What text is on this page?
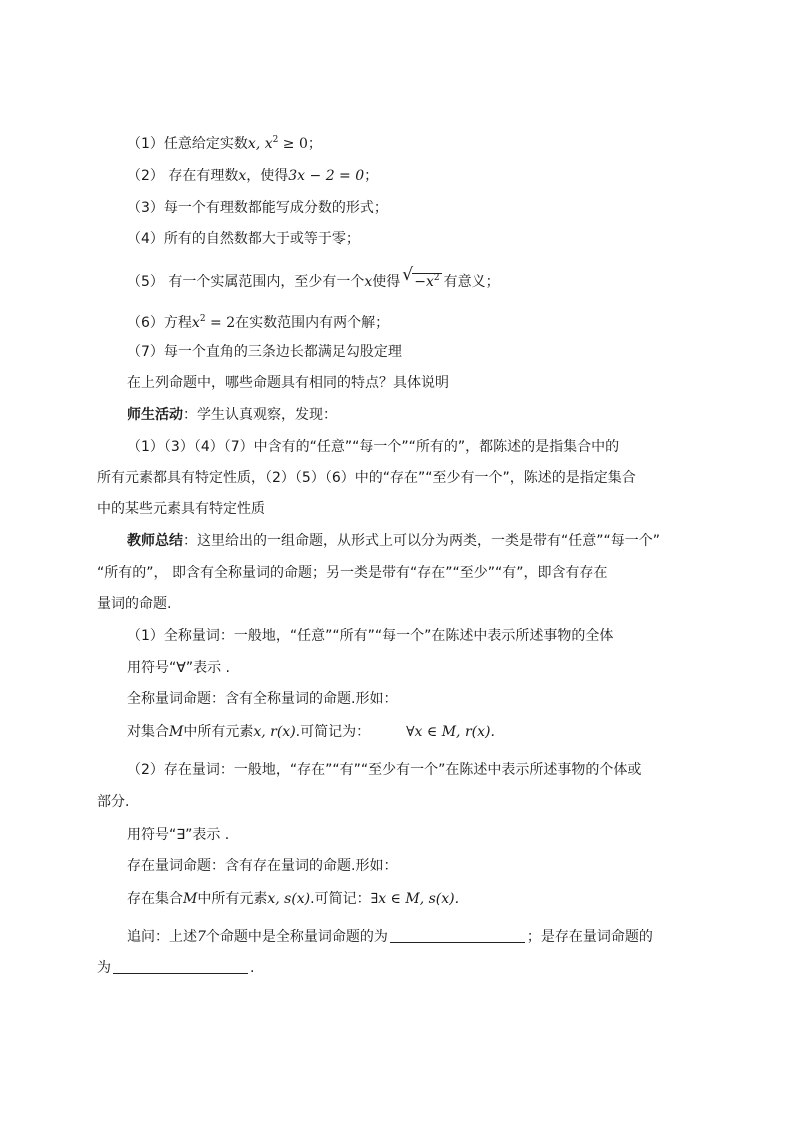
（1）任意给定实数x, $x^2 \ge 0$；
（2） 存在有理数x，使得3x − 2 = 0；
（3）每一个有理数都能写成分数的形式；
（4）所有的自然数都大于或等于零；
（5） 有一个实属范围内，至少有一个x使得 √ $-x^2$ 有意义；
（6）方程$x^2 = 2$在实数范围内有两个解；
（7）每一个直角的三条边长都满足勾股定理
在上列命题中，哪些命题具有相同的特点？具体说明
师生活动：学生认真观察，发现：
（1）（3）（4）（7）中含有的“任意”“每一个”“所有的”，都陈述的是指集合中的
所有元素都具有特定性质，（2）（5）（6）中的“存在”“至少有一个”，陈述的是指定集合
中的某些元素具有特定性质
教师总结：这里给出的一组命题，从形式上可以分为两类，一类是带有“任意”“每一个”
“所有的”， 即含有全称量词的命题；另一类是带有“存在”“至少”“有”，即含有存在
量词的命题.
（1）全称量词：一般地，“任意”“所有”“每一个”在陈述中表示所述事物的全体
用符号“∀”表示 .
全称量词命题：含有全称量词的命题.形如：
对集合M中所有元素x, r(x).可简记为：	∀x ∈ M, r(x).
（2）存在量词：一般地，“存在”“有”“至少有一个”在陈述中表示所述事物的个体或
部分.
用符号“∃”表示 .
存在量词命题：含有存在量词的命题.形如：
存在集合M中所有元素x, s(x).可简记：∃x ∈ M, s(x).
追问：上述7个命题中是全称量词命题的为	；是存在量词命题的
为	.
